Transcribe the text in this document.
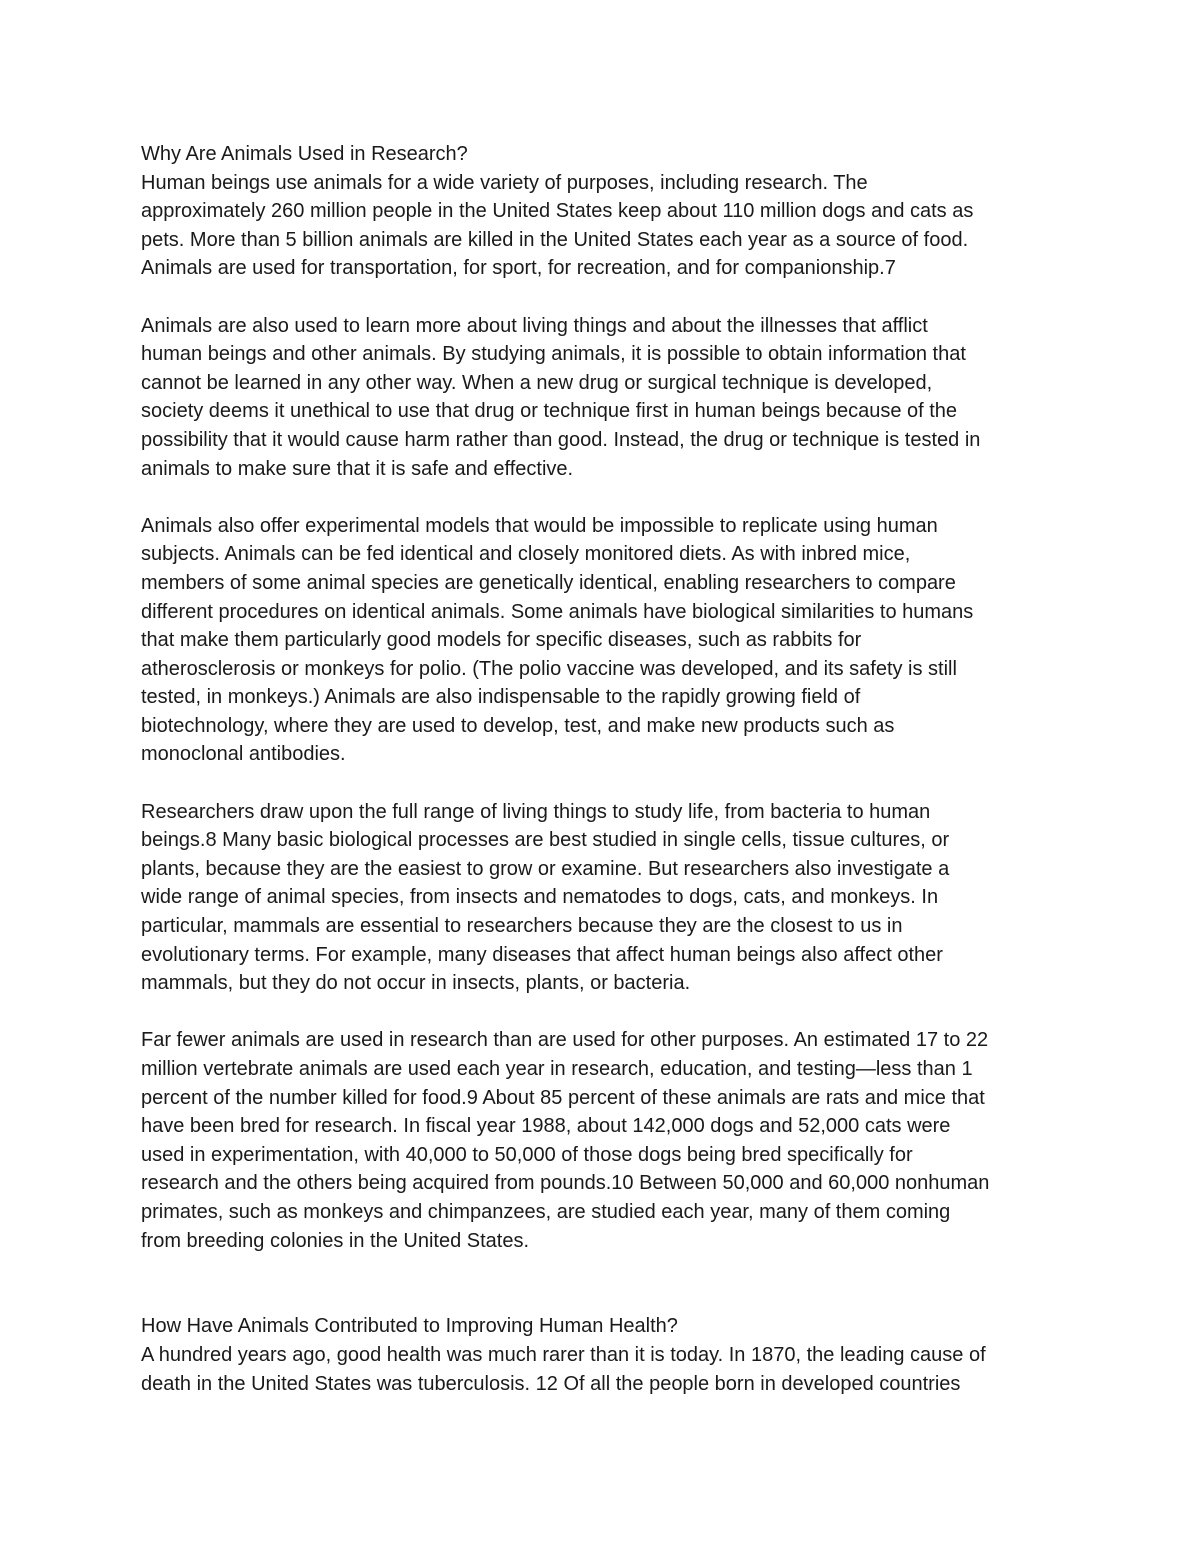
Why Are Animals Used in Research?
Human beings use animals for a wide variety of purposes, including research. The
approximately 260 million people in the United States keep about 110 million dogs and cats as
pets. More than 5 billion animals are killed in the United States each year as a source of food.
Animals are used for transportation, for sport, for recreation, and for companionship.7
Animals are also used to learn more about living things and about the illnesses that afflict
human beings and other animals. By studying animals, it is possible to obtain information that
cannot be learned in any other way. When a new drug or surgical technique is developed,
society deems it unethical to use that drug or technique first in human beings because of the
possibility that it would cause harm rather than good. Instead, the drug or technique is tested in
animals to make sure that it is safe and effective.
Animals also offer experimental models that would be impossible to replicate using human
subjects. Animals can be fed identical and closely monitored diets. As with inbred mice,
members of some animal species are genetically identical, enabling researchers to compare
different procedures on identical animals. Some animals have biological similarities to humans
that make them particularly good models for specific diseases, such as rabbits for
atherosclerosis or monkeys for polio. (The polio vaccine was developed, and its safety is still
tested, in monkeys.) Animals are also indispensable to the rapidly growing field of
biotechnology, where they are used to develop, test, and make new products such as
monoclonal antibodies.
Researchers draw upon the full range of living things to study life, from bacteria to human
beings.8 Many basic biological processes are best studied in single cells, tissue cultures, or
plants, because they are the easiest to grow or examine. But researchers also investigate a
wide range of animal species, from insects and nematodes to dogs, cats, and monkeys. In
particular, mammals are essential to researchers because they are the closest to us in
evolutionary terms. For example, many diseases that affect human beings also affect other
mammals, but they do not occur in insects, plants, or bacteria.
Far fewer animals are used in research than are used for other purposes. An estimated 17 to 22
million vertebrate animals are used each year in research, education, and testing—less than 1
percent of the number killed for food.9 About 85 percent of these animals are rats and mice that
have been bred for research. In fiscal year 1988, about 142,000 dogs and 52,000 cats were
used in experimentation, with 40,000 to 50,000 of those dogs being bred specifically for
research and the others being acquired from pounds.10 Between 50,000 and 60,000 nonhuman
primates, such as monkeys and chimpanzees, are studied each year, many of them coming
from breeding colonies in the United States.
How Have Animals Contributed to Improving Human Health?
A hundred years ago, good health was much rarer than it is today. In 1870, the leading cause of
death in the United States was tuberculosis. 12 Of all the people born in developed countries
